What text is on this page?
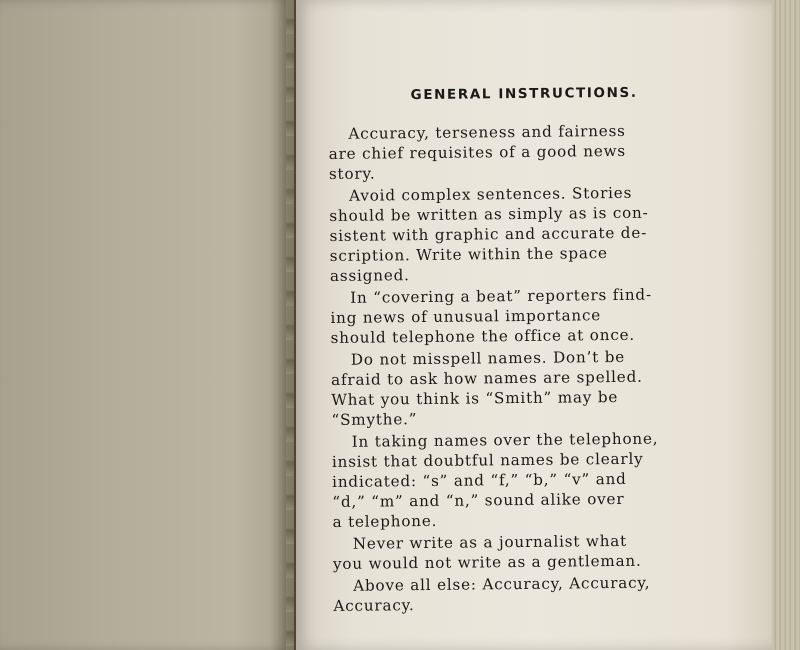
GENERAL INSTRUCTIONS.

Accuracy, terseness and fairness
are chief requisites of a good news
story.

Avoid complex sentences. Stories
should be written as simply as is con-
sistent with graphic and accurate de-
scription. Write within the space
assigned.

In “covering a beat” reporters find-
ing news of unusual importance
should telephone the office at once.

Do not misspell names. Don’t be
afraid to ask how names are spelled.
What you think is “Smith” may be
“Smythe.”

In taking names over the telephone,
insist that doubtful names be clearly
indicated: “s” and “f,” “b,” “v” and
“d,” “m” and “n,” sound alike over
a telephone.

Never write as a journalist what
you would not write as a gentleman.

Above all else: Accuracy, Accuracy,
Accuracy.
